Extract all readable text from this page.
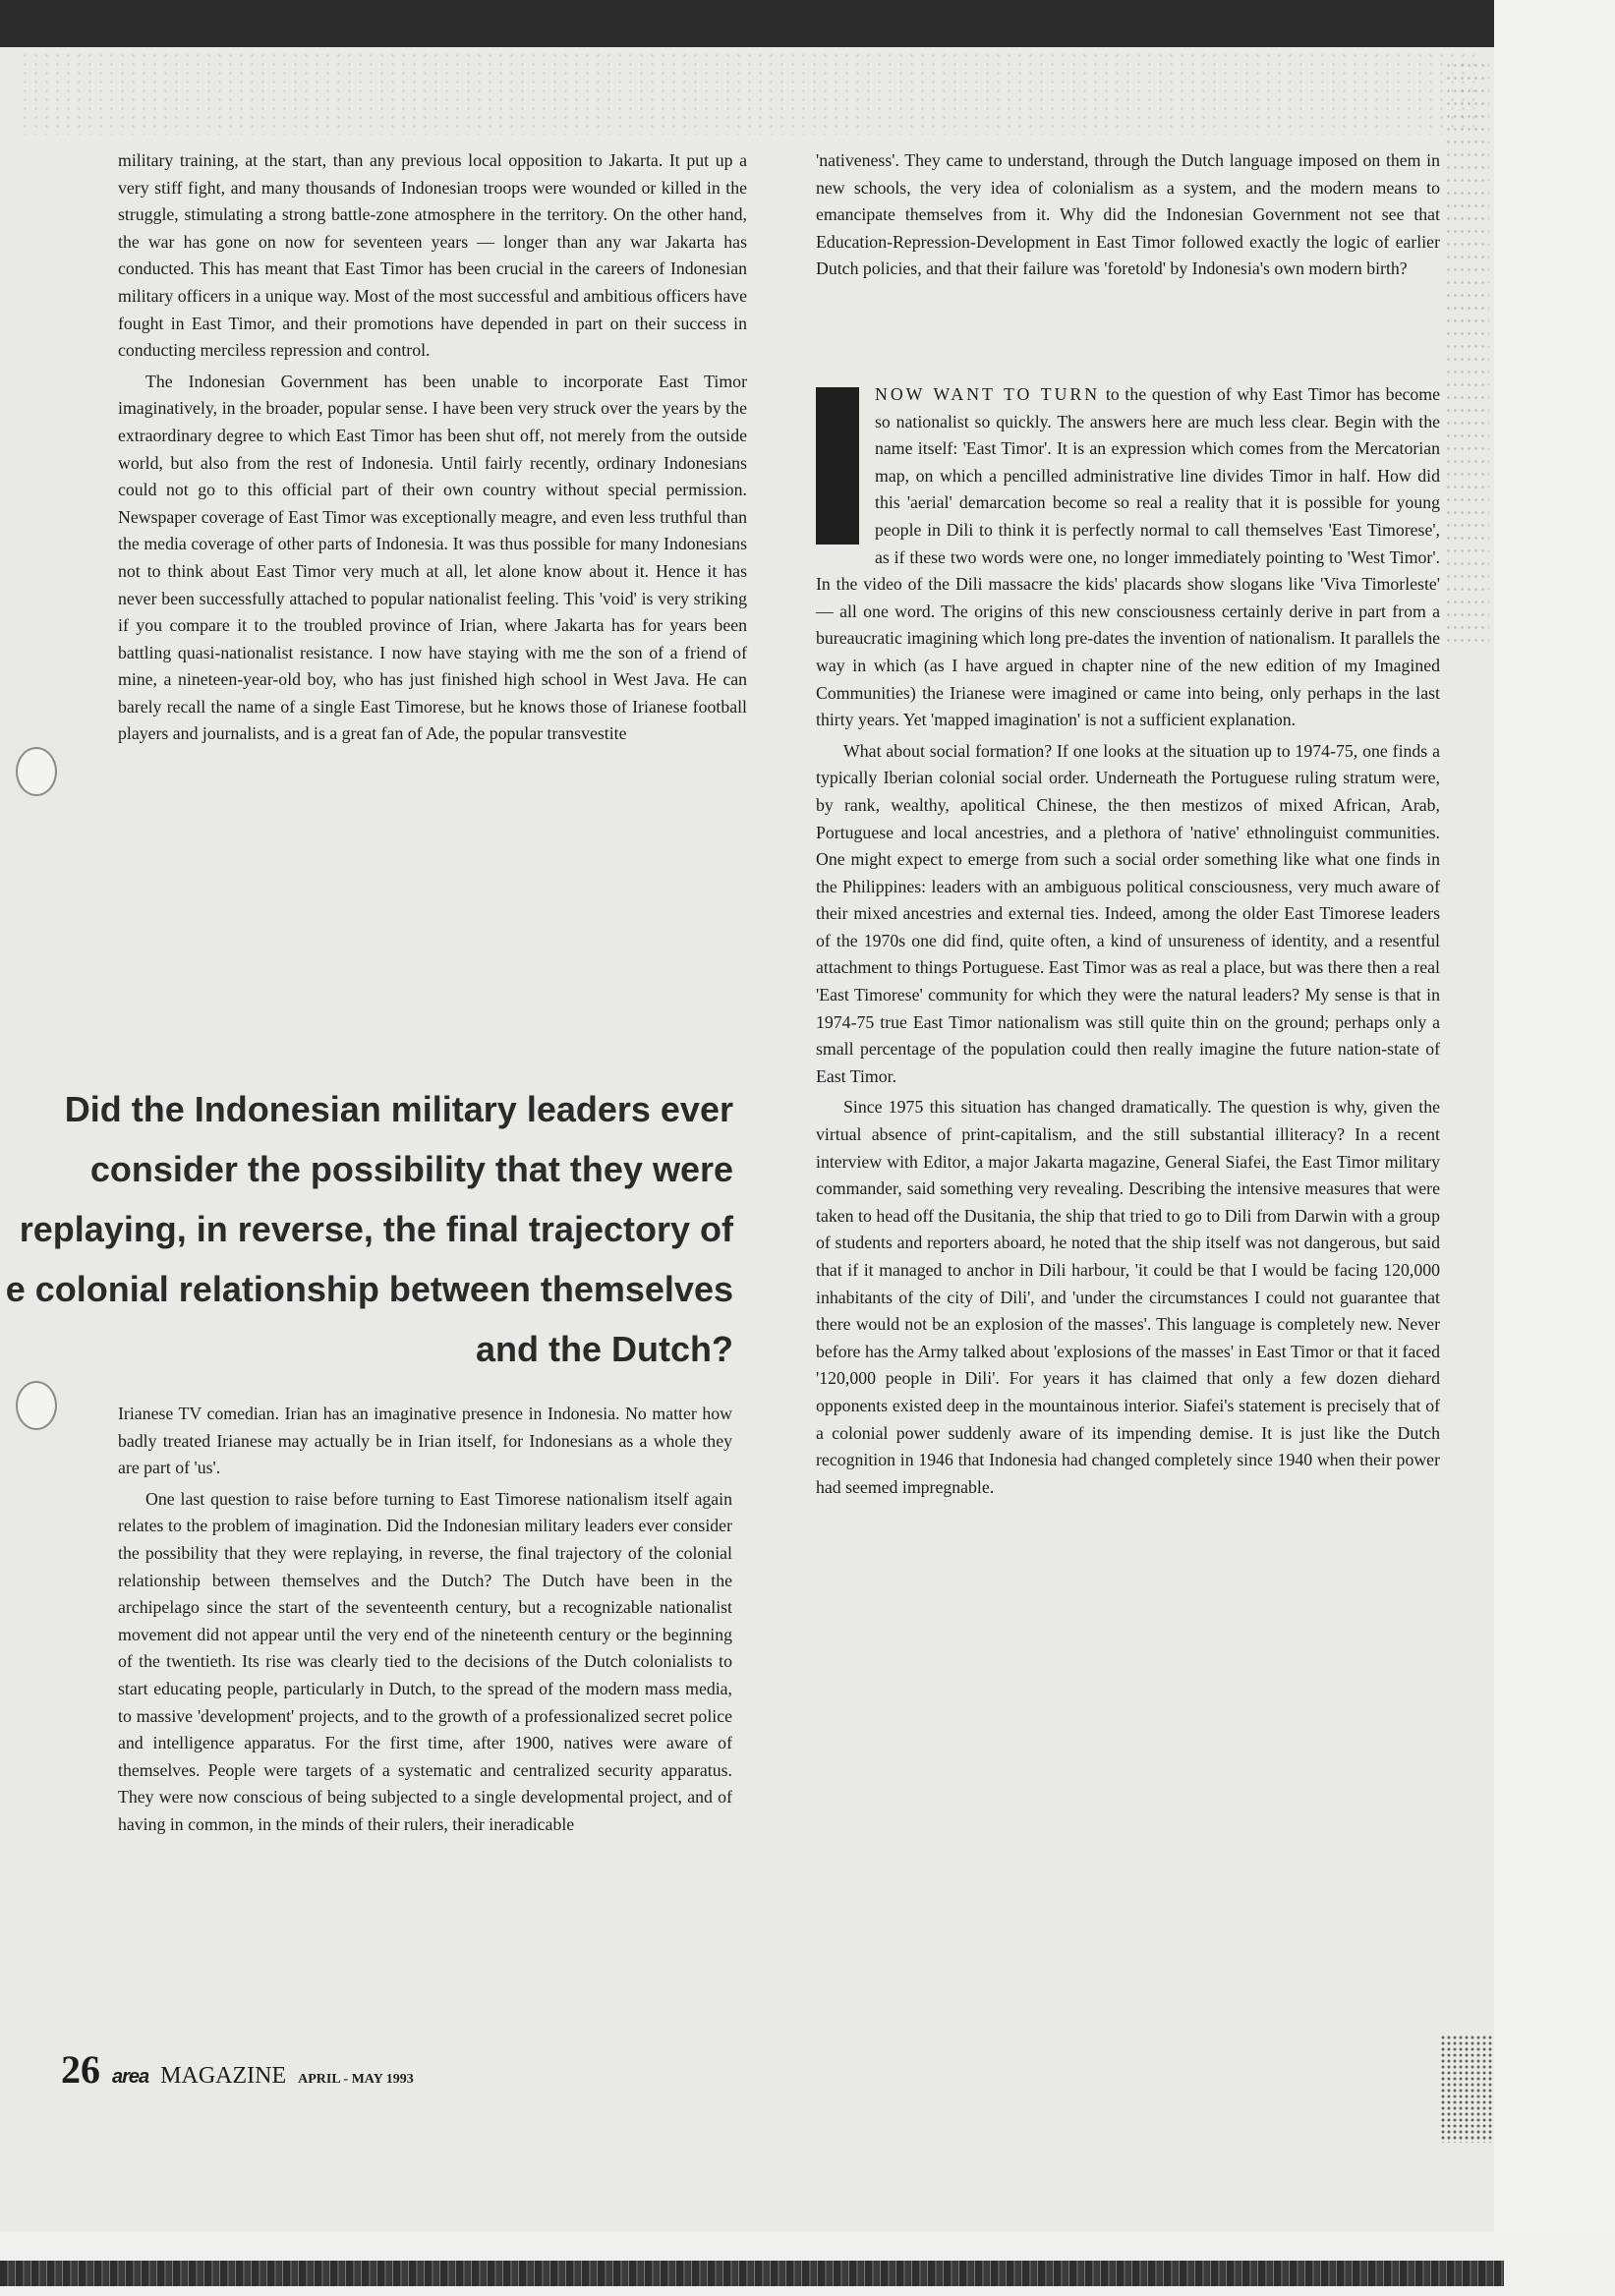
military training, at the start, than any previous local opposition to Jakarta. It put up a very stiff fight, and many thousands of Indonesian troops were wounded or killed in the struggle, stimulating a strong battle-zone atmosphere in the territory. On the other hand, the war has gone on now for seventeen years — longer than any war Jakarta has conducted. This has meant that East Timor has been crucial in the careers of Indonesian military officers in a unique way. Most of the most successful and ambitious officers have fought in East Timor, and their promotions have depended in part on their success in conducting merciless repression and control.

The Indonesian Government has been unable to incorporate East Timor imaginatively, in the broader, popular sense. I have been very struck over the years by the extraordinary degree to which East Timor has been shut off, not merely from the outside world, but also from the rest of Indonesia. Until fairly recently, ordinary Indonesians could not go to this official part of their own country without special permission. Newspaper coverage of East Timor was exceptionally meagre, and even less truthful than the media coverage of other parts of Indonesia. It was thus possible for many Indonesians not to think about East Timor very much at all, let alone know about it. Hence it has never been successfully attached to popular nationalist feeling. This 'void' is very striking if you compare it to the troubled province of Irian, where Jakarta has for years been battling quasi-nationalist resistance. I now have staying with me the son of a friend of mine, a nineteen-year-old boy, who has just finished high school in West Java. He can barely recall the name of a single East Timorese, but he knows those of Irianese football players and journalists, and is a great fan of Ade, the popular transvestite

Did the Indonesian military leaders ever
consider the possibility that they were
replaying, in reverse, the final trajectory of
e colonial relationship between themselves
and the Dutch?

Irianese TV comedian. Irian has an imaginative presence in Indonesia. No matter how badly treated Irianese may actually be in Irian itself, for Indonesians as a whole they are part of 'us'.

One last question to raise before turning to East Timorese nationalism itself again relates to the problem of imagination. Did the Indonesian military leaders ever consider the possibility that they were replaying, in reverse, the final trajectory of the colonial relationship between themselves and the Dutch? The Dutch have been in the archipelago since the start of the seventeenth century, but a recognizable nationalist movement did not appear until the very end of the nineteenth century or the beginning of the twentieth. Its rise was clearly tied to the decisions of the Dutch colonialists to start educating people, particularly in Dutch, to the spread of the modern mass media, to massive 'development' projects, and to the growth of a professionalized secret police and intelligence apparatus. For the first time, after 1900, natives were aware of themselves. People were targets of a systematic and centralized security apparatus. They were now conscious of being subjected to a single developmental project, and of having in common, in the minds of their rulers, their ineradicable

'nativeness'. They came to understand, through the Dutch language imposed on them in new schools, the very idea of colonialism as a system, and the modern means to emancipate themselves from it. Why did the Indonesian Government not see that Education-Repression-Development in East Timor followed exactly the logic of earlier Dutch policies, and that their failure was 'foretold' by Indonesia's own modern birth?

NOW WANT TO TURN to the question of why East Timor has become so nationalist so quickly. The answers here are much less clear. Begin with the name itself: 'East Timor'. It is an expression which comes from the Mercatorian map, on which a pencilled administrative line divides Timor in half. How did this 'aerial' demarcation become so real a reality that it is possible for young people in Dili to think it is perfectly normal to call themselves 'East Timorese', as if these two words were one, no longer immediately pointing to 'West Timor'. In the video of the Dili massacre the kids' placards show slogans like 'Viva Timorleste' — all one word. The origins of this new consciousness certainly derive in part from a bureaucratic imagining which long pre-dates the invention of nationalism. It parallels the way in which (as I have argued in chapter nine of the new edition of my Imagined Communities) the Irianese were imagined or came into being, only perhaps in the last thirty years. Yet 'mapped imagination' is not a sufficient explanation.

What about social formation? If one looks at the situation up to 1974-75, one finds a typically Iberian colonial social order. Underneath the Portuguese ruling stratum were, by rank, wealthy, apolitical Chinese, the then mestizos of mixed African, Arab, Portuguese and local ancestries, and a plethora of 'native' ethnolinguist communities. One might expect to emerge from such a social order something like what one finds in the Philippines: leaders with an ambiguous political consciousness, very much aware of their mixed ancestries and external ties. Indeed, among the older East Timorese leaders of the 1970s one did find, quite often, a kind of unsureness of identity, and a resentful attachment to things Portuguese. East Timor was as real a place, but was there then a real 'East Timorese' community for which they were the natural leaders? My sense is that in 1974-75 true East Timor nationalism was still quite thin on the ground; perhaps only a small percentage of the population could then really imagine the future nation-state of East Timor.

Since 1975 this situation has changed dramatically. The question is why, given the virtual absence of print-capitalism, and the still substantial illiteracy? In a recent interview with Editor, a major Jakarta magazine, General Siafei, the East Timor military commander, said something very revealing. Describing the intensive measures that were taken to head off the Dusitania, the ship that tried to go to Dili from Darwin with a group of students and reporters aboard, he noted that the ship itself was not dangerous, but said that if it managed to anchor in Dili harbour, 'it could be that I would be facing 120,000 inhabitants of the city of Dili', and 'under the circumstances I could not guarantee that there would not be an explosion of the masses'. This language is completely new. Never before has the Army talked about 'explosions of the masses' in East Timor or that it faced '120,000 people in Dili'. For years it has claimed that only a few dozen diehard opponents existed deep in the mountainous interior. Siafei's statement is precisely that of a colonial power suddenly aware of its impending demise. It is just like the Dutch recognition in 1946 that Indonesia had changed completely since 1940 when their power had seemed impregnable.

26 area MAGAZINE APRIL - MAY 1993
